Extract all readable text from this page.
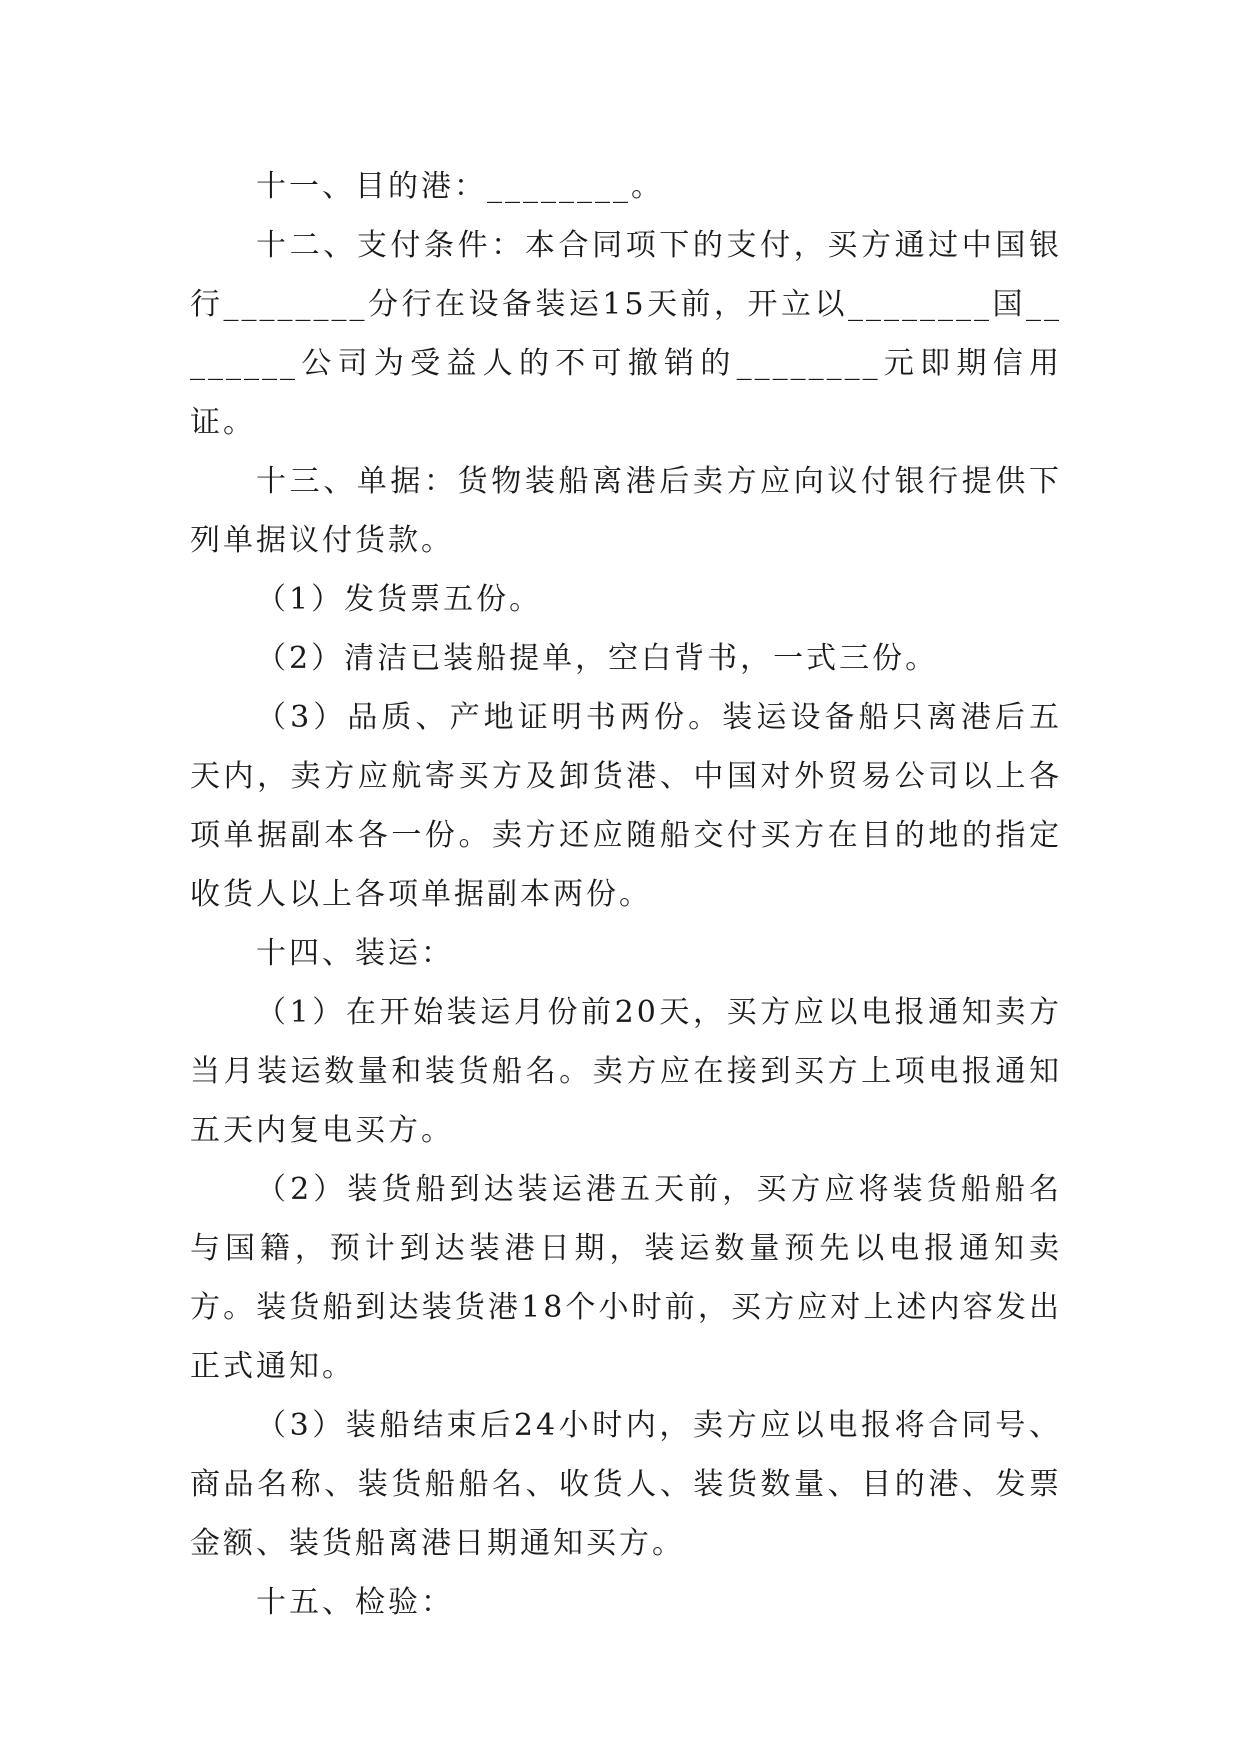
十一、目的港：________。

十二、支付条件：本合同项下的支付，买方通过中国银行________分行在设备装运15天前，开立以________国________公司为受益人的不可撤销的________元即期信用证。

十三、单据：货物装船离港后卖方应向议付银行提供下列单据议付货款。

（1）发货票五份。

（2）清洁已装船提单，空白背书，一式三份。

（3）品质、产地证明书两份。装运设备船只离港后五天内，卖方应航寄买方及卸货港、中国对外贸易公司以上各项单据副本各一份。卖方还应随船交付买方在目的地的指定收货人以上各项单据副本两份。

十四、装运：

（1）在开始装运月份前20天，买方应以电报通知卖方当月装运数量和装货船名。卖方应在接到买方上项电报通知五天内复电买方。

（2）装货船到达装运港五天前，买方应将装货船船名与国籍，预计到达装港日期，装运数量预先以电报通知卖方。装货船到达装货港18个小时前，买方应对上述内容发出正式通知。

（3）装船结束后24小时内，卖方应以电报将合同号、商品名称、装货船船名、收货人、装货数量、目的港、发票金额、装货船离港日期通知买方。

十五、检验：
